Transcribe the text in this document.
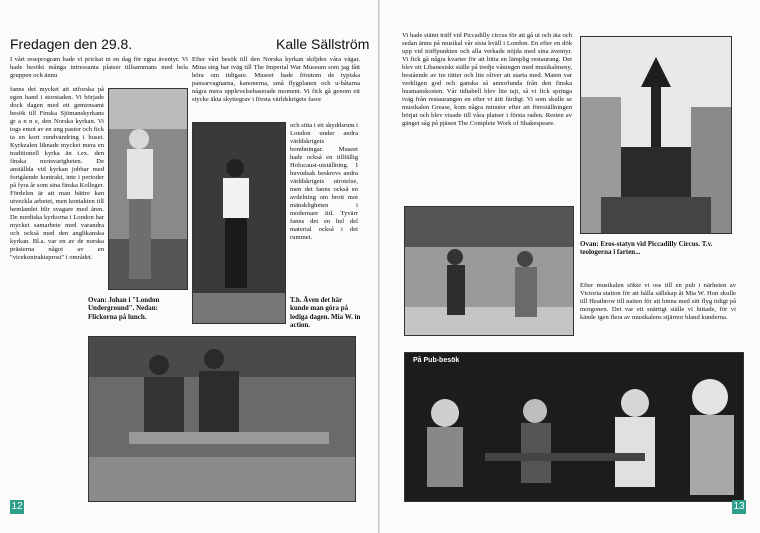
Fredagen den 29.8.	Kalle Sällström

I vårt reseprogram hade vi prickat in en dag för egna äventyr. Vi hade besökt många intressanta platser tillsammans med hela gruppen och ännu

fanns det mycket att utforska på egen hand i storstaden. Vi började dock dagen med ett gemensamt besök till Finska Sjömanskyrkans gr a n n e, den Norska kyrkan. Vi togs emot av en ung pastor och fick ta en kort rundvandring i huset. Kyrkzalen liknade mycket mera en traditionell kyrka än t.ex. den finska motsvarigheten. De anställda vid kyrkan jobbar med fortgående kontrakt, inte i perioder på fyra år som sina finska Kolleger. Fördelen är att man bättre kan utveckla arbetet, men kontakten till hemlandet blir svagare med åren. De nordiska kyrkorna i London har mycket samarbete med varandra och också med den anglikanska kyrkan. Bl.a. var en av de norska prästerna något av en "vicekontraktsprost" i området.

Efter vårt besök till den Norska kyrkan skiljdes våra vägar. Mina steg bar iväg till The Imperial War Museum som jag fått höra om tidigare. Museet hade förutom de typiska pansarvagnarna, kanonerna, små flygplanen och u-båtarna några mera upplevelsebaserade moment. Vi fick gå genom ett stycke äkta skyttegrav i första världskrigets fasor

och sitta i ett skyddsrum i London under andra världskrigets bombningar. Museet hade också en tillfällig Holocaust-utställning. I huvudsak beskrevs andra världskrigets utrotelse, men det fanns också en avdelning om brott mot mänskligheten i modernare tid. Tyvärr fanns det en hel del material också i det rummet.

T.h. Även det här kunde man göra på lediga dagen. Mia W. in action.

Ovan: Johan i "London Underground". Nedan: Flickorna på lunch.

12

Vi hade stämt träff vid Piccadilly circus för att gå ut och äta och sedan ännu på musikal vår sista kväll i London. En efter en dök upp vid träffpunkten och alla verkade nöjda med sina äventyr. Vi fick gå några kvarter för att hitta en lämplig restaurang. Det blev ett Libanesiskt ställe på tredje våningen med musikalmeny, bestående av tre rätter och lite oliver att starta med. Maten var verkligen god och ganska så annorlunda från den finska husmanskosten. Vår tidtabell blev lite tajt, så vi fick springa iväg från restaurangen en efter vi ätit färdigt. Vi som skulle se musikalen Grease, kom några minuter efter att föreställningen börjat och blev visade till våra platser i första raden. Resten av gänget såg på pjäsen The Complete Work of Shakespeare.

Ovan: Eros-statyn vid Piccadilly Circus. T.v. teologerna i farten...

Efter musikalen sökte vi oss till en pub i närheten av Victoria station för att hålla sällskap åt Mia W. Hon skulle till Heathrow till natten för att hinna med sitt flyg tidigt på morgonen. Det var ett snärtigt ställe vi hittade, för vi kände igen flera av musikalens stjärnor bland kunderna.

På Pub-besök
13
